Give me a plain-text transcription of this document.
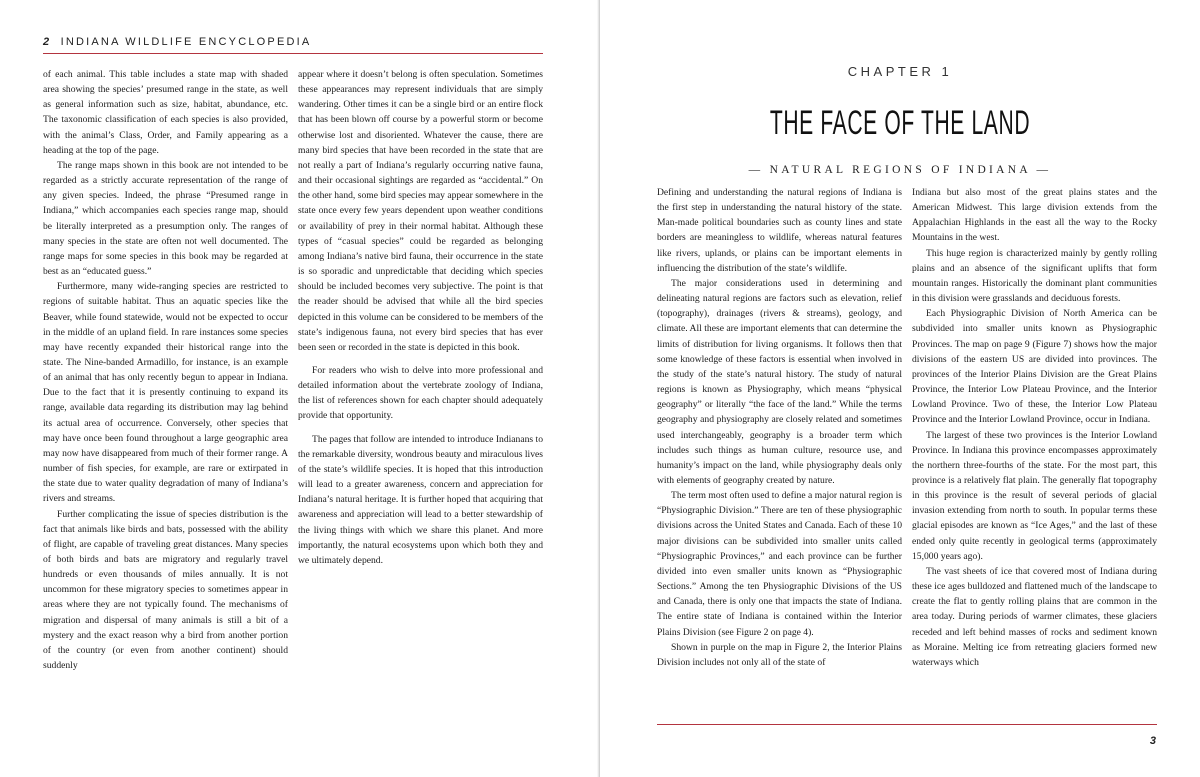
2 INDIANA WILDLIFE ENCYCLOPEDIA

of each animal. This table includes a state map with shaded area showing the species’ presumed range in the state, as well as general information such as size, habitat, abundance, etc. The taxonomic classification of each species is also provided, with the animal’s Class, Order, and Family appearing as a heading at the top of the page.

The range maps shown in this book are not intended to be regarded as a strictly accurate representation of the range of any given species. Indeed, the phrase “Presumed range in Indiana,” which accompanies each species range map, should be literally interpreted as a presumption only. The ranges of many species in the state are often not well documented. The range maps for some species in this book may be regarded at best as an “educated guess.”

Furthermore, many wide-ranging species are restricted to regions of suitable habitat. Thus an aquatic species like the Beaver, while found statewide, would not be expected to occur in the middle of an upland field. In rare instances some species may have recently expanded their historical range into the state. The Nine-banded Armadillo, for instance, is an example of an animal that has only recently begun to appear in Indiana. Due to the fact that it is presently continuing to expand its range, available data regarding its distribution may lag behind its actual area of occurrence. Conversely, other species that may have once been found throughout a large geographic area may now have disappeared from much of their former range. A number of fish species, for example, are rare or extirpated in the state due to water quality degradation of many of Indiana’s rivers and streams.

Further complicating the issue of species distribution is the fact that animals like birds and bats, possessed with the ability of flight, are capable of traveling great distances. Many species of both birds and bats are migratory and regularly travel hundreds or even thousands of miles annually. It is not uncommon for these migratory species to sometimes appear in areas where they are not typically found. The mechanisms of migration and dispersal of many animals is still a bit of a mystery and the exact reason why a bird from another portion of the country (or even from another continent) should suddenly

appear where it doesn’t belong is often speculation. Sometimes these appearances may represent individuals that are simply wandering. Other times it can be a single bird or an entire flock that has been blown off course by a powerful storm or become otherwise lost and disoriented. Whatever the cause, there are many bird species that have been recorded in the state that are not really a part of Indiana’s regularly occurring native fauna, and their occasional sightings are regarded as “accidental.” On the other hand, some bird species may appear somewhere in the state once every few years dependent upon weather conditions or availability of prey in their normal habitat. Although these types of “casual species” could be regarded as belonging among Indiana’s native bird fauna, their occurrence in the state is so sporadic and unpredictable that deciding which species should be included becomes very subjective. The point is that the reader should be advised that while all the bird species depicted in this volume can be considered to be members of the state’s indigenous fauna, not every bird species that has ever been seen or recorded in the state is depicted in this book.

For readers who wish to delve into more professional and detailed information about the vertebrate zoology of Indiana, the list of references shown for each chapter should adequately provide that opportunity.

The pages that follow are intended to introduce Indianans to the remarkable diversity, wondrous beauty and miraculous lives of the state’s wildlife species. It is hoped that this introduction will lead to a greater awareness, concern and appreciation for Indiana’s natural heritage. It is further hoped that acquiring that awareness and appreciation will lead to a better stewardship of the living things with which we share this planet. And more importantly, the natural ecosystems upon which both they and we ultimately depend.

CHAPTER 1
THE FACE OF THE LAND
— NATURAL REGIONS OF INDIANA —

Defining and understanding the natural regions of Indiana is the first step in understanding the natural history of the state. Man-made political boundaries such as county lines and state borders are meaningless to wildlife, whereas natural features like rivers, uplands, or plains can be important elements in influencing the distribution of the state’s wildlife.

The major considerations used in determining and delineating natural regions are factors such as elevation, relief (topography), drainages (rivers & streams), geology, and climate. All these are important elements that can determine the limits of distribution for living organisms. It follows then that some knowledge of these factors is essential when involved in the study of the state’s natural history. The study of natural regions is known as Physiography, which means “physical geography” or literally “the face of the land.” While the terms geography and physiography are closely related and sometimes used interchangeably, geography is a broader term which includes such things as human culture, resource use, and humanity’s impact on the land, while physiography deals only with elements of geography created by nature.

The term most often used to define a major natural region is “Physiographic Division.” There are ten of these physiographic divisions across the United States and Canada. Each of these 10 major divisions can be subdivided into smaller units called “Physiographic Provinces,” and each province can be further divided into even smaller units known as “Physiographic Sections.” Among the ten Physiographic Divisions of the US and Canada, there is only one that impacts the state of Indiana. The entire state of Indiana is contained within the Interior Plains Division (see Figure 2 on page 4).

Shown in purple on the map in Figure 2, the Interior Plains Division includes not only all of the state of

Indiana but also most of the great plains states and the American Midwest. This large division extends from the Appalachian Highlands in the east all the way to the Rocky Mountains in the west.

This huge region is characterized mainly by gently rolling plains and an absence of the significant uplifts that form mountain ranges. Historically the dominant plant communities in this division were grasslands and deciduous forests.

Each Physiographic Division of North America can be subdivided into smaller units known as Physiographic Provinces. The map on page 9 (Figure 7) shows how the major divisions of the eastern US are divided into provinces. The provinces of the Interior Plains Division are the Great Plains Province, the Interior Low Plateau Province, and the Interior Lowland Province. Two of these, the Interior Low Plateau Province and the Interior Lowland Province, occur in Indiana.

The largest of these two provinces is the Interior Lowland Province. In Indiana this province encompasses approximately the northern three-fourths of the state. For the most part, this province is a relatively flat plain. The generally flat topography in this province is the result of several periods of glacial invasion extending from north to south. In popular terms these glacial episodes are known as “Ice Ages,” and the last of these ended only quite recently in geological terms (approximately 15,000 years ago).

The vast sheets of ice that covered most of Indiana during these ice ages bulldozed and flattened much of the landscape to create the flat to gently rolling plains that are common in the area today. During periods of warmer climates, these glaciers receded and left behind masses of rocks and sediment known as Moraine. Melting ice from retreating glaciers formed new waterways which

3
